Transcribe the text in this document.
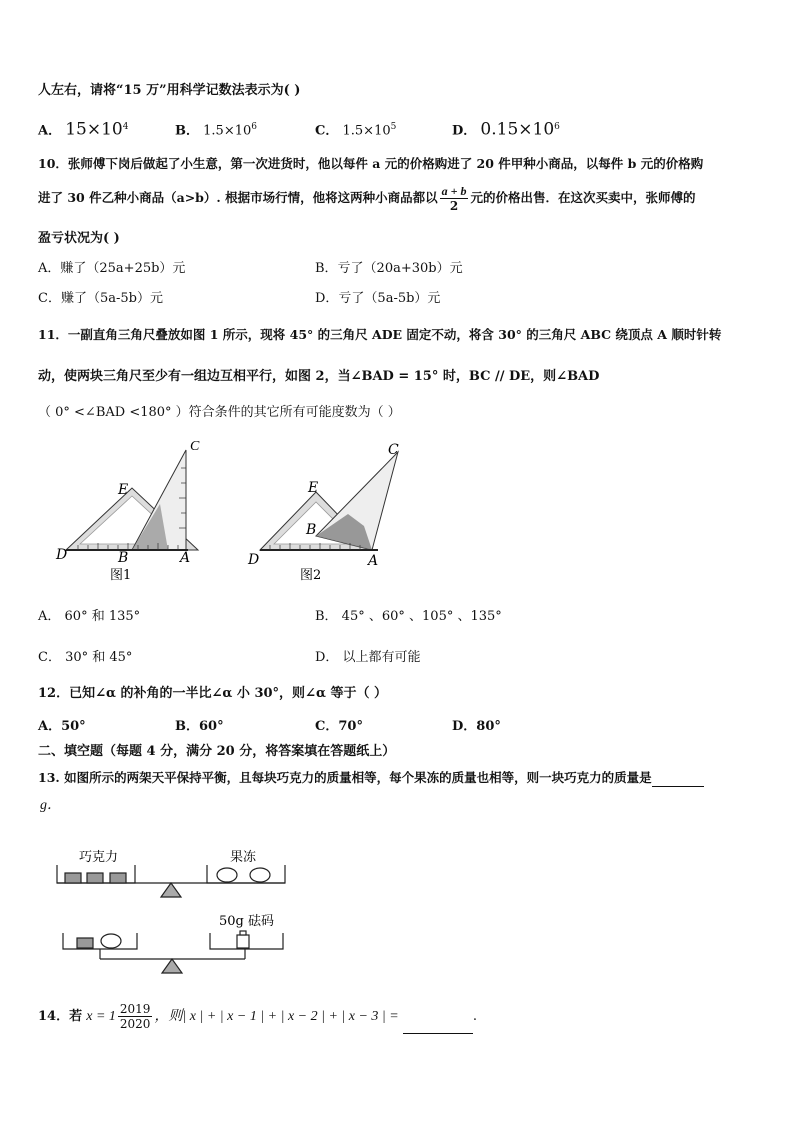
人左右，请将“15 万”用科学记数法表示为( )
A． $15\times 10^4$	B． $1.5\times 10^6$	C． $1.5\times 10^5$	D． $0.15\times 10^6$
10．张师傅下岗后做起了小生意，第一次进货时，他以每件 a 元的价格购进了 20 件甲种小商品，以每件 b 元的价格购
进了 30 件乙种小商品（a>b）. 根据市场行情，他将这两种小商品都以 $\frac{a + b}{2}$ 元的价格出售．在这次买卖中，张师傅的
盈亏状况为( )
A．赚了（25a+25b）元	B．亏了（20a+30b）元
C．赚了（5a-5b）元	D．亏了（5a-5b）元
11．一副直角三角尺叠放如图 1 所示，现将 45° 的三角尺 ADE 固定不动，将含 30° 的三角尺 ABC 绕顶点 A 顺时针转
动，使两块三角尺至少有一组边互相平行，如图 2，当∠BAD = 15° 时，BC // DE，则∠BAD
（ 0° <∠BAD <180° ）符合条件的其它所有可能度数为（ ）
C
E
D	B	A
图1
C
E
D
B
A
图2
A． 60° 和 135°	B． 45° 、60° 、105° 、135°
C． 30° 和 45°	D． 以上都有可能
12．已知∠α 的补角的一半比∠α 小 30°，则∠α 等于（ ）
A．50°	B．60°	C．70°	D．80°
二、填空题（每题 4 分，满分 20 分，将答案填在答题纸上）
13. 如图所示的两架天平保持平衡，且每块巧克力的质量相等，每个果冻的质量也相等，则一块巧克力的质量是
g．
巧克力	果冻
50g 砝码
14．若 $x = 1 \frac{2019}{2020}$ ，则| x | + | x − 1 | + | x − 2 | + | x − 3 | =	.
